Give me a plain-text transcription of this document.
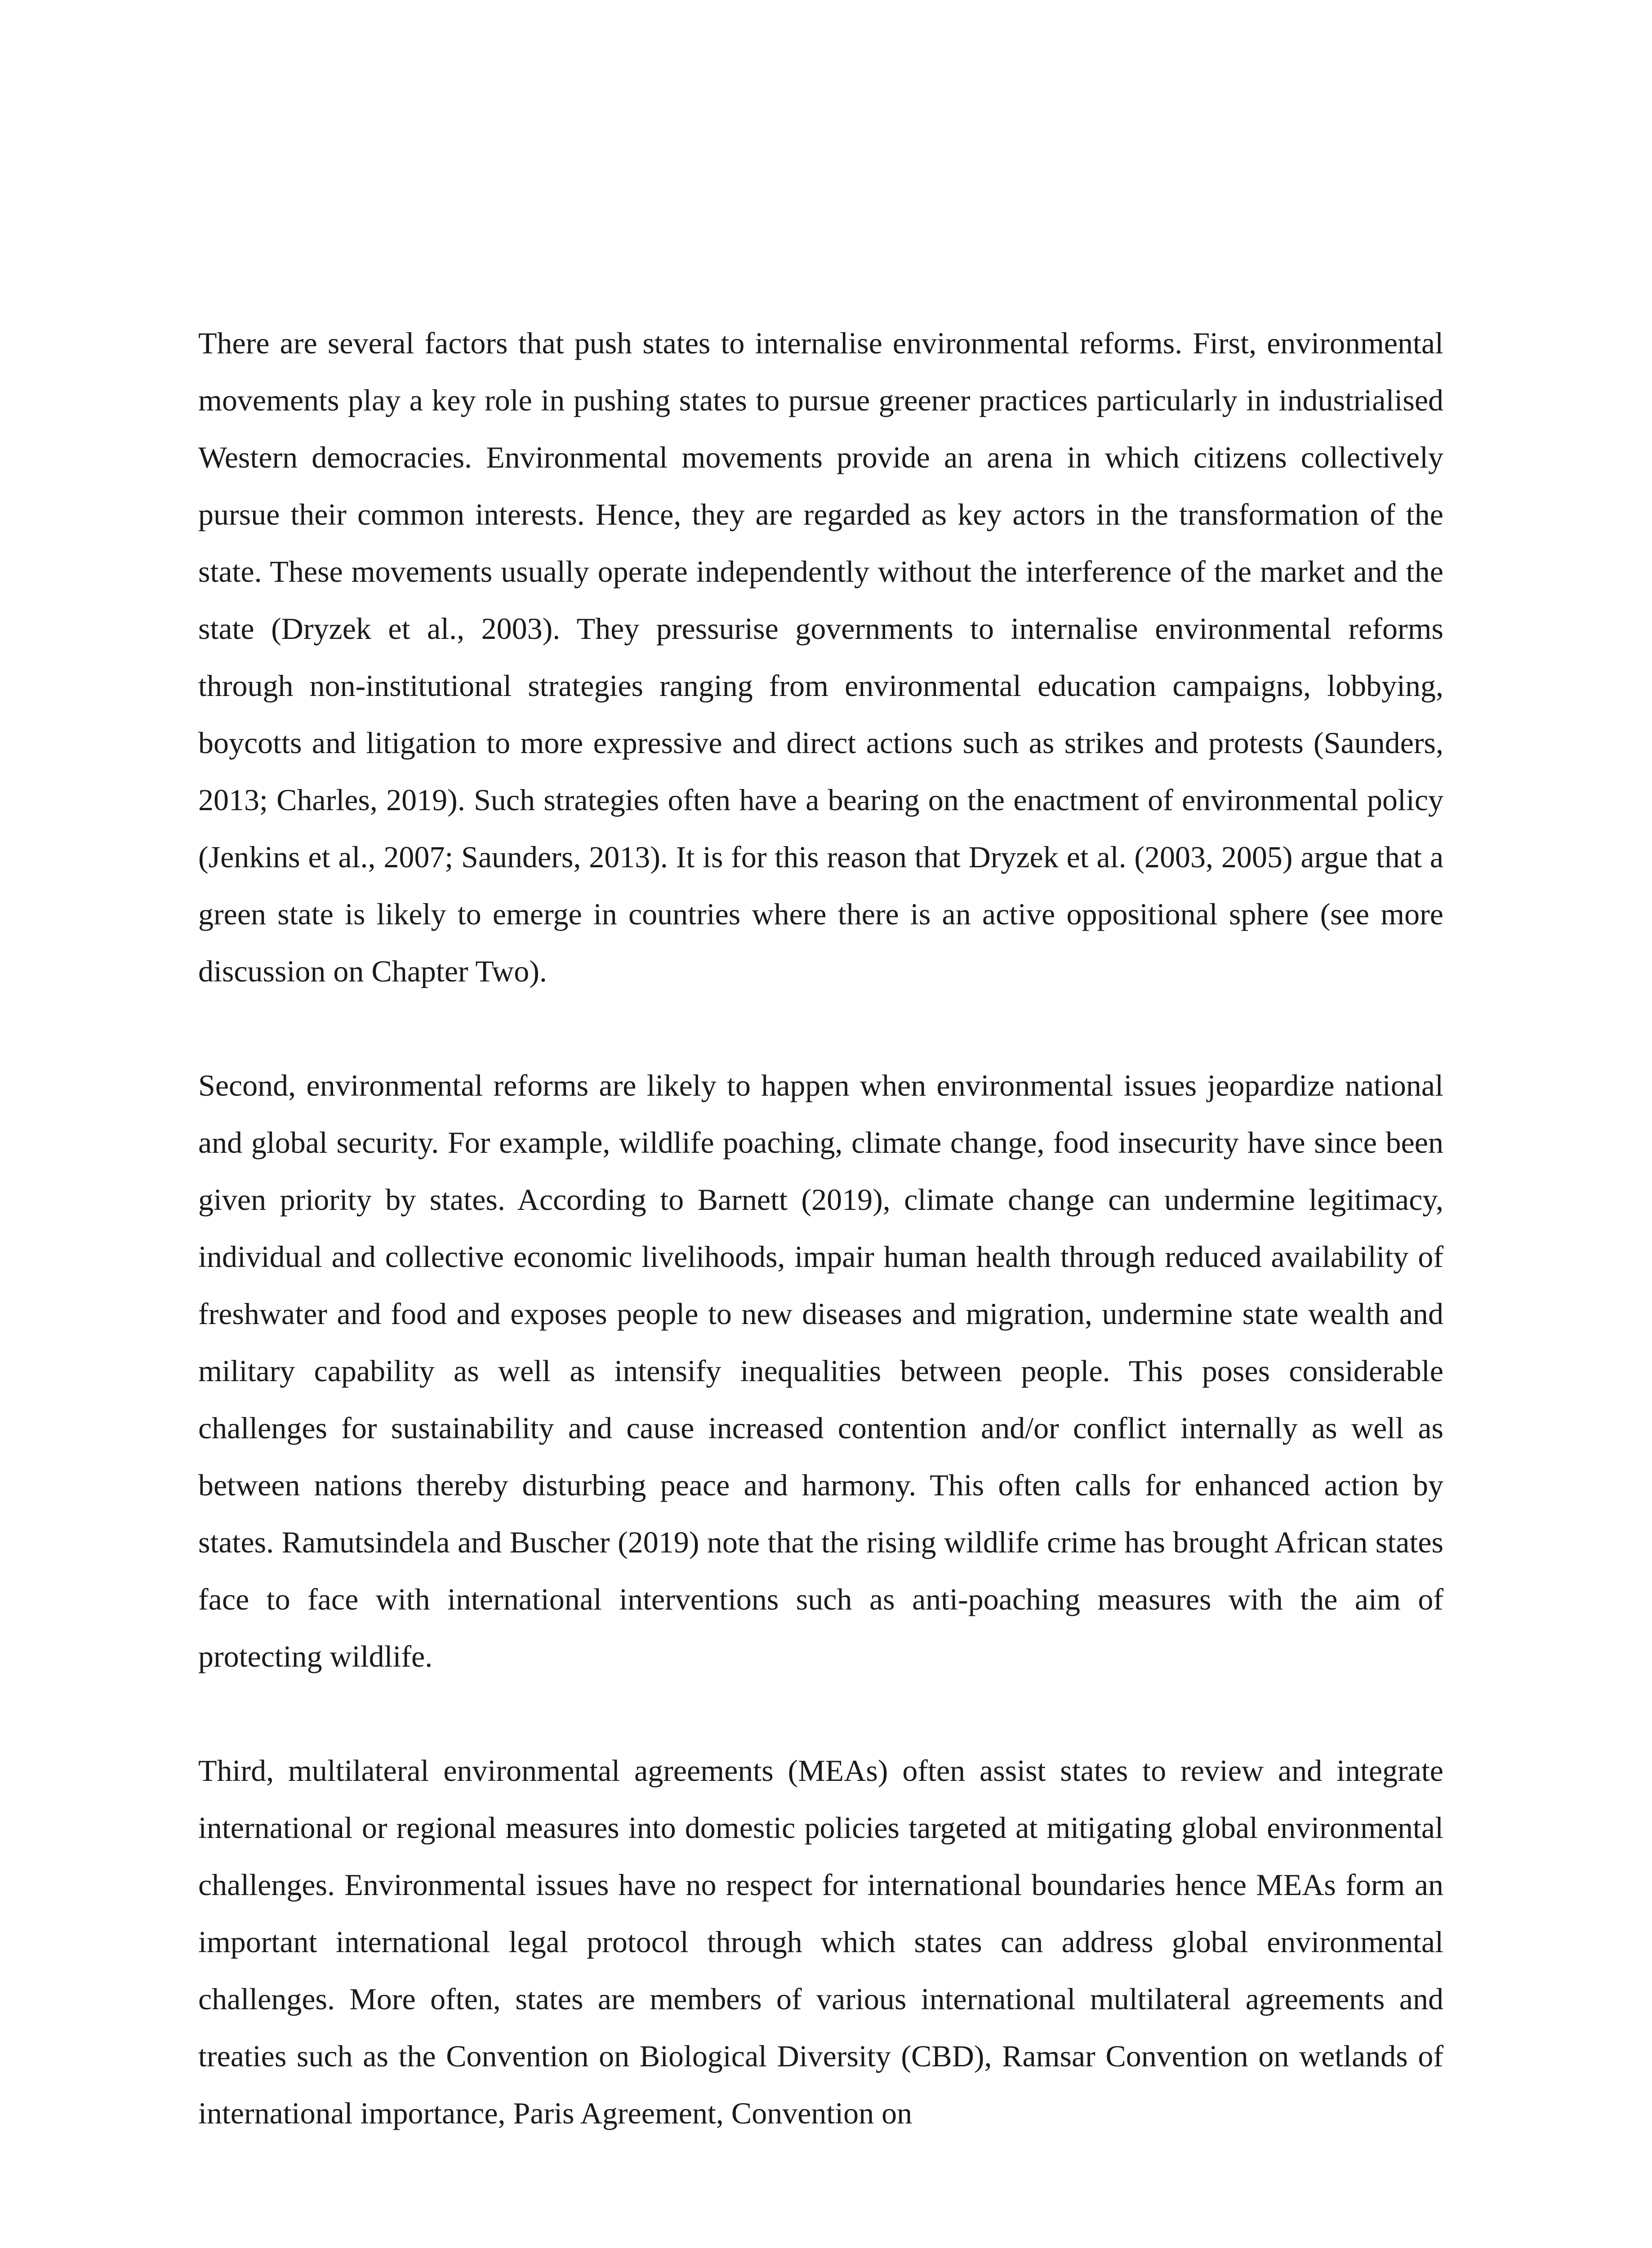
There are several factors that push states to internalise environmental reforms. First, environmental movements play a key role in pushing states to pursue greener practices particularly in industrialised Western democracies. Environmental movements provide an arena in which citizens collectively pursue their common interests. Hence, they are regarded as key actors in the transformation of the state. These movements usually operate independently without the interference of the market and the state (Dryzek et al., 2003). They pressurise governments to internalise environmental reforms through non-institutional strategies ranging from environmental education campaigns, lobbying, boycotts and litigation to more expressive and direct actions such as strikes and protests (Saunders, 2013; Charles, 2019). Such strategies often have a bearing on the enactment of environmental policy (Jenkins et al., 2007; Saunders, 2013). It is for this reason that Dryzek et al. (2003, 2005) argue that a green state is likely to emerge in countries where there is an active oppositional sphere (see more discussion on Chapter Two).

Second, environmental reforms are likely to happen when environmental issues jeopardize national and global security. For example, wildlife poaching, climate change, food insecurity have since been given priority by states. According to Barnett (2019), climate change can undermine legitimacy, individual and collective economic livelihoods, impair human health through reduced availability of freshwater and food and exposes people to new diseases and migration, undermine state wealth and military capability as well as intensify inequalities between people. This poses considerable challenges for sustainability and cause increased contention and/or conflict internally as well as between nations thereby disturbing peace and harmony. This often calls for enhanced action by states. Ramutsindela and Buscher (2019) note that the rising wildlife crime has brought African states face to face with international interventions such as anti-poaching measures with the aim of protecting wildlife.

Third, multilateral environmental agreements (MEAs) often assist states to review and integrate international or regional measures into domestic policies targeted at mitigating global environmental challenges. Environmental issues have no respect for international boundaries hence MEAs form an important international legal protocol through which states can address global environmental challenges. More often, states are members of various international multilateral agreements and treaties such as the Convention on Biological Diversity (CBD), Ramsar Convention on wetlands of international importance, Paris Agreement, Convention on
